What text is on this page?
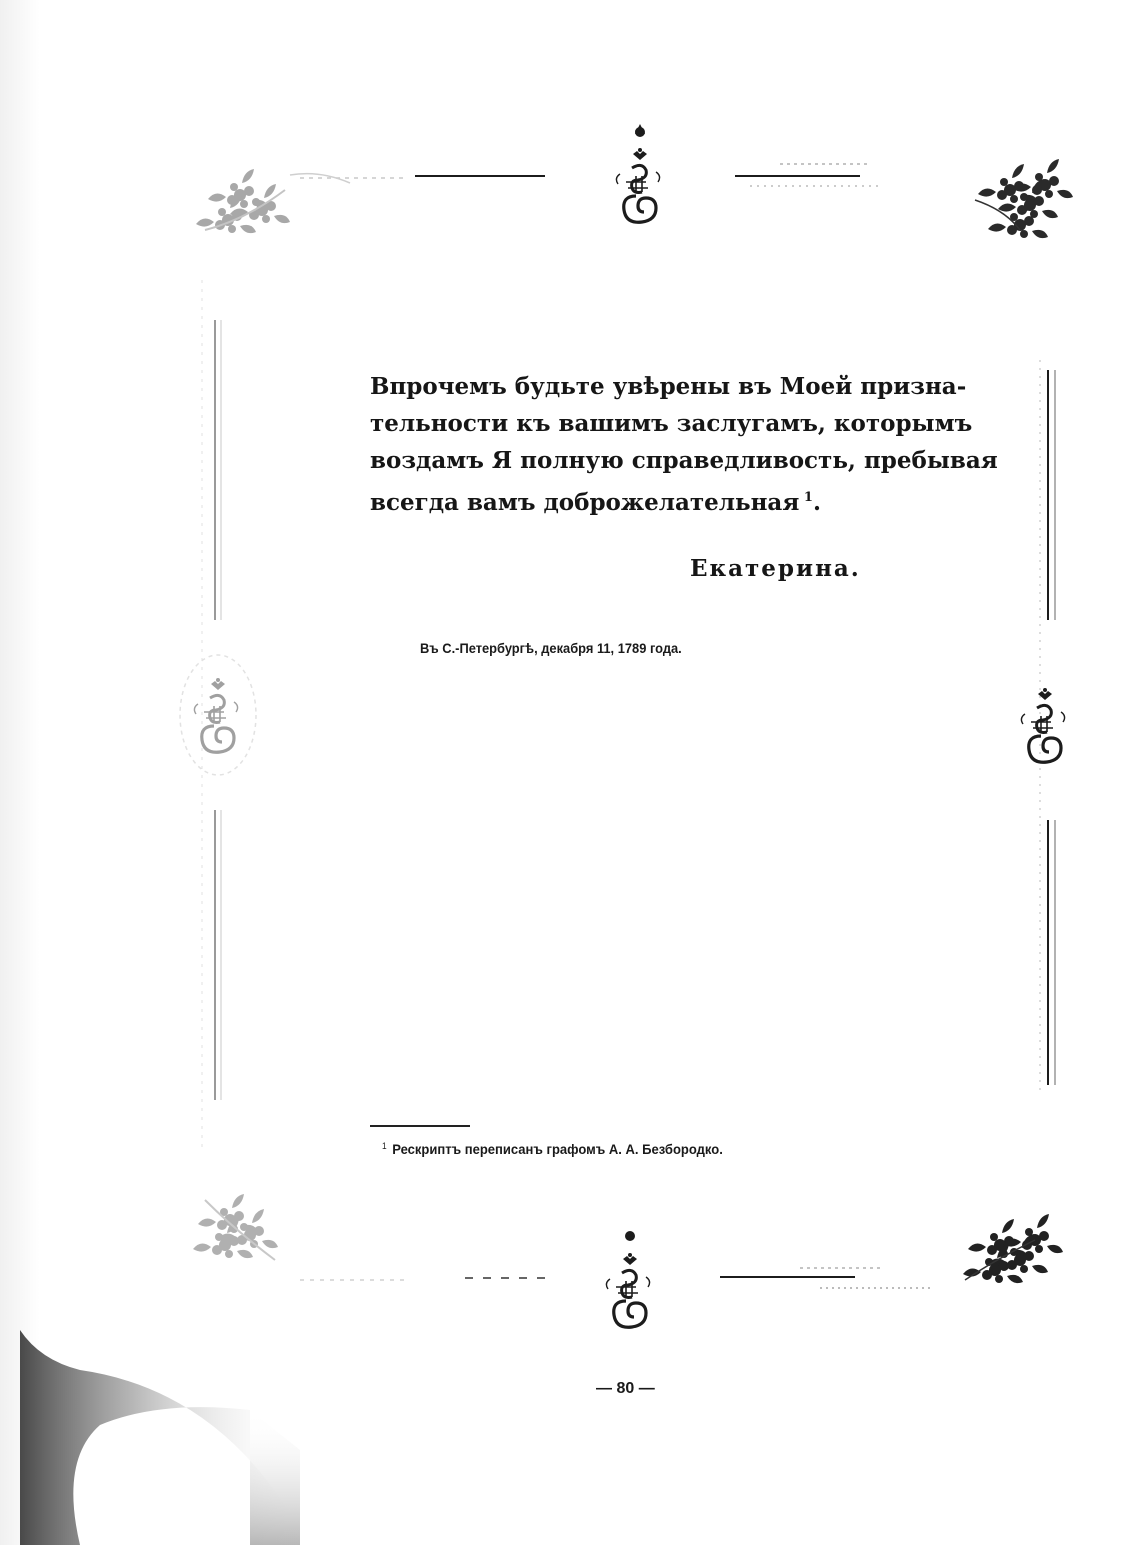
Впрочемъ будьте увѣрены въ Моей призна-
тельности къ вашимъ заслугамъ, которымъ
воздамъ Я полную справедливость, пребывая
всегда вамъ доброжелательная  $^1$.
Екатерина.
Въ С.-Петербургѣ, декабря 11, 1789 года.
$^1$ Рескриптъ переписанъ графомъ А. А. Безбородко.
— 80 —
